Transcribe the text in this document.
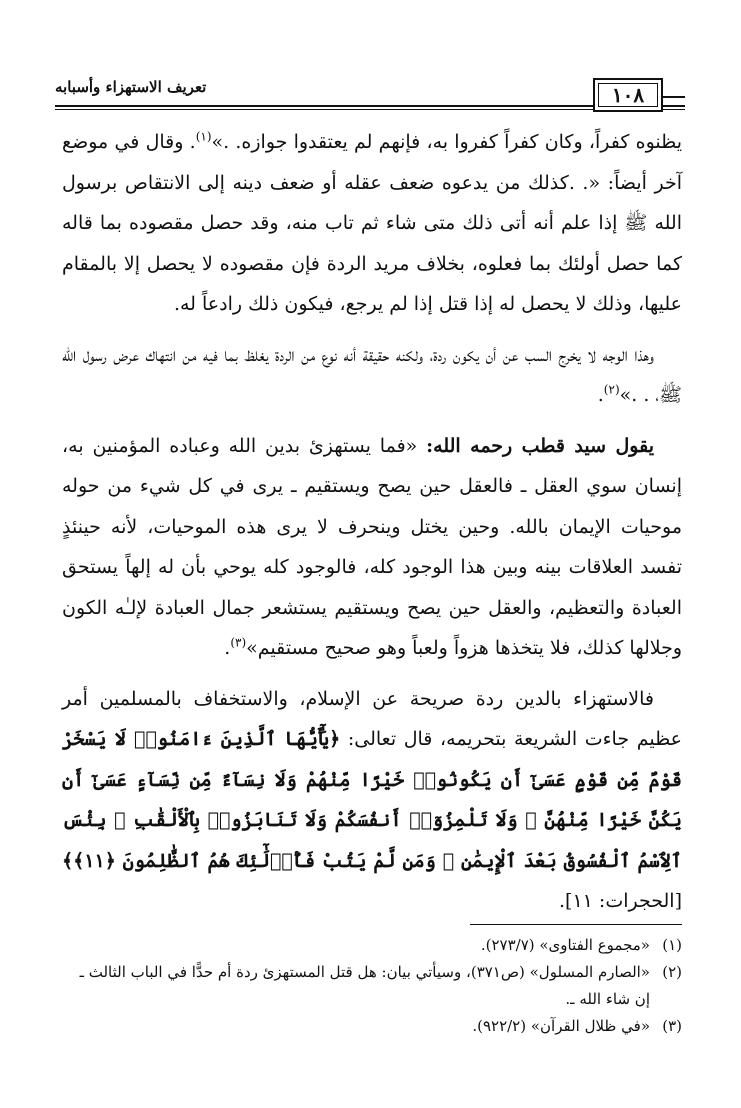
تعريف الاستهزاء وأسبابه	١٠٨

يظنوه كفراً، وكان كفراً كفروا به، فإنهم لم يعتقدوا جوازه. .»$^{(١)}$. وقال في موضع آخر أيضاً: «. .كذلك من يدعوه ضعف عقله أو ضعف دينه إلى الانتقاص برسول الله ﷺ إذا علم أنه أتى ذلك متى شاء ثم تاب منه، وقد حصل مقصوده بما قاله كما حصل أولئك بما فعلوه، بخلاف مريد الردة فإن مقصوده لا يحصل إلا بالمقام عليها، وذلك لا يحصل له إذا قتل إذا لم يرجع، فيكون ذلك رادعاً له.

وهذا الوجه لا يخرج السب عن أن يكون ردة، ولكنه حقيقة أنه نوع من الردة يغلظ بما فيه من انتهاك عرض رسول الله ﷺ، . .»$^{(٢)}$.

يقول سيد قطب رحمه الله: «فما يستهزئ بدين الله وعباده المؤمنين به، إنسان سوي العقل ـ فالعقل حين يصح ويستقيم ـ يرى في كل شيء من حوله موحيات الإيمان بالله. وحين يختل وينحرف لا يرى هذه الموحيات، لأنه حينئذٍ تفسد العلاقات بينه وبين هذا الوجود كله، فالوجود كله يوحي بأن له إلهاً يستحق العبادة والتعظيم، والعقل حين يصح ويستقيم يستشعر جمال العبادة لإلـٰه الكون وجلالها كذلك، فلا يتخذها هزواً ولعباً وهو صحيح مستقيم»$^{(٣)}$.

فالاستهزاء بالدين ردة صريحة عن الإسلام، والاستخفاف بالمسلمين أمر عظيم جاءت الشريعة بتحريمه، قال تعالى: ﴿يَٰٓأَيُّهَا ٱلَّذِينَ ءَامَنُوا۟ لَا يَسْخَرْ قَوْمٌ مِّن قَوْمٍ عَسَىٰٓ أَن يَكُونُوا۟ خَيْرًا مِّنْهُمْ وَلَا نِسَآءٌ مِّن نِّسَآءٍ عَسَىٰٓ أَن يَكُنَّ خَيْرًا مِّنْهُنَّ ۖ وَلَا تَلْمِزُوٓا۟ أَنفُسَكُمْ وَلَا تَنَابَزُوا۟ بِٱلْأَلْقَٰبِ ۖ بِئْسَ ٱلِٱسْمُ ٱلْفُسُوقُ بَعْدَ ٱلْإِيمَٰنِ ۚ وَمَن لَّمْ يَتُبْ فَأُو۟لَٰٓئِكَ هُمُ ٱلظَّٰلِمُونَ ﴿١١﴾﴾ [الحجرات: ١١].

(١)
«مجموع الفتاوى» (٢٧٣/٧).
(٢)
«الصارم المسلول» (ص٣٧١)، وسيأتي بيان: هل قتل المستهزئ ردة أم حدًّا في الباب الثالث ـ إن شاء الله ـ.
(٣)
«في ظلال القرآن» (٩٢٢/٢).
